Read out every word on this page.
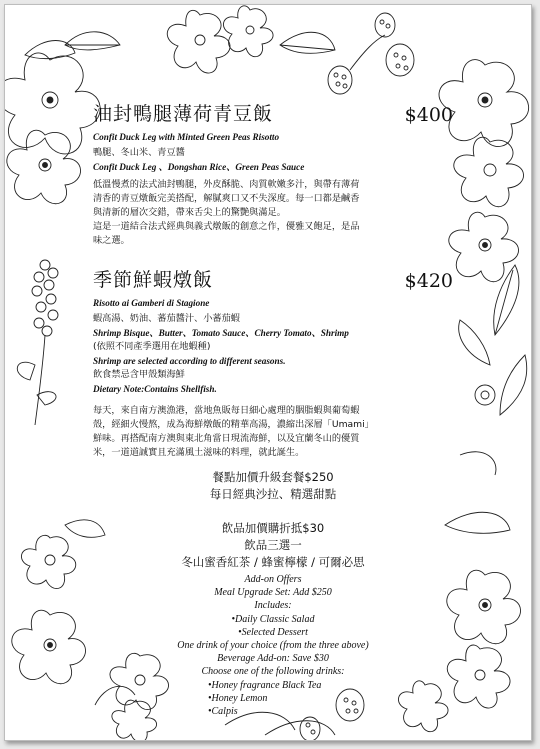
油封鴨腿薄荷青豆飯	$400
Confit Duck Leg with Minted Green Peas Risotto
鴨腿、冬山米、青豆醬
Confit Duck Leg 、Dongshan Rice、Green Peas Sauce
低溫慢煮的法式油封鴨腿，外皮酥脆、肉質軟嫩多汁，與帶有薄荷
清香的青豆燉飯完美搭配，解膩爽口又不失深度。每一口都是鹹香
與清新的層次交錯，帶來舌尖上的驚艷與滿足。
這是一道結合法式經典與義式燉飯的創意之作，優雅又飽足，是品
味之選。
季節鮮蝦燉飯	$420
Risotto ai Gamberi di Stagione
蝦高湯、奶油、蕃茄醬汁、小蕃茄蝦
Shrimp Bisque、Butter、Tomato Sauce、Cherry Tomato、Shrimp
(依照不同產季選用在地蝦種)
Shrimp are selected according to different seasons.
飲食禁忌含甲殼類海鮮
Dietary Note:Contains Shellfish.
每天，來自南方澳漁港，當地魚販每日細心處理的胭脂蝦與葡萄蝦
殼，經細火慢熬，成為海鮮燉飯的精華高湯，濃縮出深層「Umami」
鮮味。再搭配南方澳與東北角當日現流海鮮，以及宜蘭冬山的優質
米，一道道誠實且充滿風土滋味的料理，就此誕生。
餐點加價升級套餐$250
每日經典沙拉、精選甜點
飲品加價購折抵$30
飲品三選一
冬山蜜香紅茶 / 蜂蜜檸檬 / 可爾必思
Add-on Offers
Meal Upgrade Set: Add $250
Includes:
•Daily Classic Salad
•Selected Dessert
One drink of your choice (from the three above)
Beverage Add-on: Save $30
Choose one of the following drinks:
•Honey fragrance Black Tea
•Honey Lemon
•Calpis
